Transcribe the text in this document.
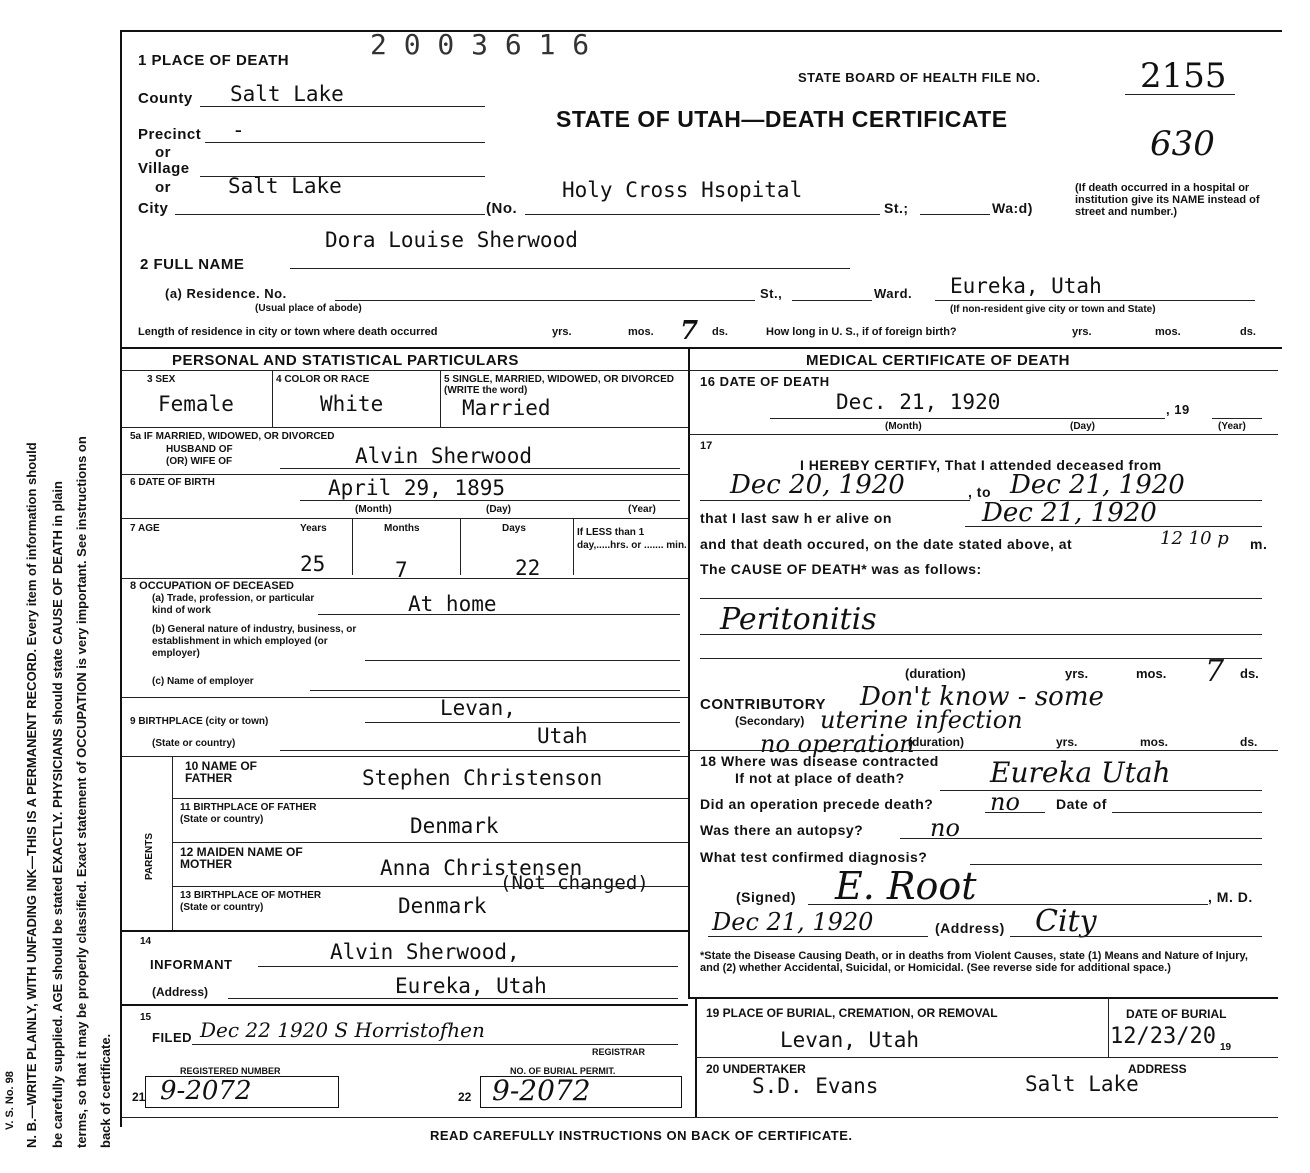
N. B.—WRITE PLAINLY, WITH UNFADING INK—THIS IS A PERMANENT RECORD. Every item of information should be carefully supplied. AGE should be stated EXACTLY. PHYSICIANS should state CAUSE OF DEATH in plain terms, so that it may be properly classified. Exact statement of OCCUPATION is very important. See instructions on back of certificate.
V. S. No. 98
1 PLACE OF DEATH	2 0 0 3 6 1 6
STATE BOARD OF HEALTH FILE NO.	2155
STATE OF UTAH—DEATH CERTIFICATE
630
County Salt Lake
Precinct -
or
Village
or	Salt Lake
City	(No.
Holy Cross Hsopital
St.;	Wa:d)
(If death occurred in a hospital or institution give its NAME instead of street and number.)
Dora Louise Sherwood
2 FULL NAME
(a) Residence. No.
(Usual place of abode)
St.,	Ward. Eureka, Utah
(If non-resident give city or town and State)
Length of residence in city or town where death occurred	yrs.	mos. 7 ds.	How long in U. S., if of foreign birth?	yrs.	mos.	ds.
PERSONAL AND STATISTICAL PARTICULARS
3 SEX
Female
4 COLOR OR RACE
White
5 SINGLE, MARRIED, WIDOWED, OR DIVORCED (WRITE the word)
Married
5a IF MARRIED, WIDOWED, OR DIVORCED
HUSBAND OF
(OR) WIFE OF	Alvin Sherwood
6 DATE OF BIRTH	April 29, 1895
(Month)	(Day)	(Year)
7 AGE	Years	Months	Days
25	7	22
If LESS than 1 day,.....hrs. or ....... min.
8 OCCUPATION OF DECEASED
(a) Trade, profession, or particular kind of work	At home
(b) General nature of industry, business, or establishment in which employed (or employer)
(c) Name of employer
9 BIRTHPLACE (city or town)
Levan,
(State or country)	Utah
PARENTS
10 NAME OF FATHER	Stephen Christenson
11 BIRTHPLACE OF FATHER (State or country)	Denmark
12 MAIDEN NAME OF MOTHER	Anna Christensen
(Not changed)
13 BIRTHPLACE OF MOTHER (State or country)	Denmark
14
INFORMANT
Alvin Sherwood,
(Address)	Eureka, Utah
15
FILED Dec 22 1920 S Horristofhen
REGISTRAR
REGISTERED NUMBER
21 9-2072
NO. OF BURIAL PERMIT.
22 9-2072
MEDICAL CERTIFICATE OF DEATH
16 DATE OF DEATH
Dec. 21, 1920	, 19
(Month)	(Day)	(Year)
17
I HEREBY CERTIFY, That I attended deceased from
Dec 20, 1920	, to Dec 21, 1920
that I last saw h er alive on	Dec 21, 1920
and that death occured, on the date stated above, at	12 10 p m.
The CAUSE OF DEATH* was as follows:
Peritonitis
(duration)	yrs.	mos. 7 ds.
CONTRIBUTORY
(Secondary)
Don't know - some
uterine infection
no operation
(duration)	yrs.	mos.	ds.
18 Where was disease contracted
If not at place of death?	Eureka Utah
Did an operation precede death? no	Date of
Was there an autopsy?	no
What test confirmed diagnosis?
(Signed) E. Root	, M. D.
Dec 21, 1920	(Address) City
*State the Disease Causing Death, or in deaths from Violent Causes, state (1) Means and Nature of Injury, and (2) whether Accidental, Suicidal, or Homicidal. (See reverse side for additional space.)
19 PLACE OF BURIAL, CREMATION, OR REMOVAL
Levan, Utah
DATE OF BURIAL
12/23/20 19
20 UNDERTAKER
S.D. Evans
ADDRESS
Salt Lake
READ CAREFULLY INSTRUCTIONS ON BACK OF CERTIFICATE.
